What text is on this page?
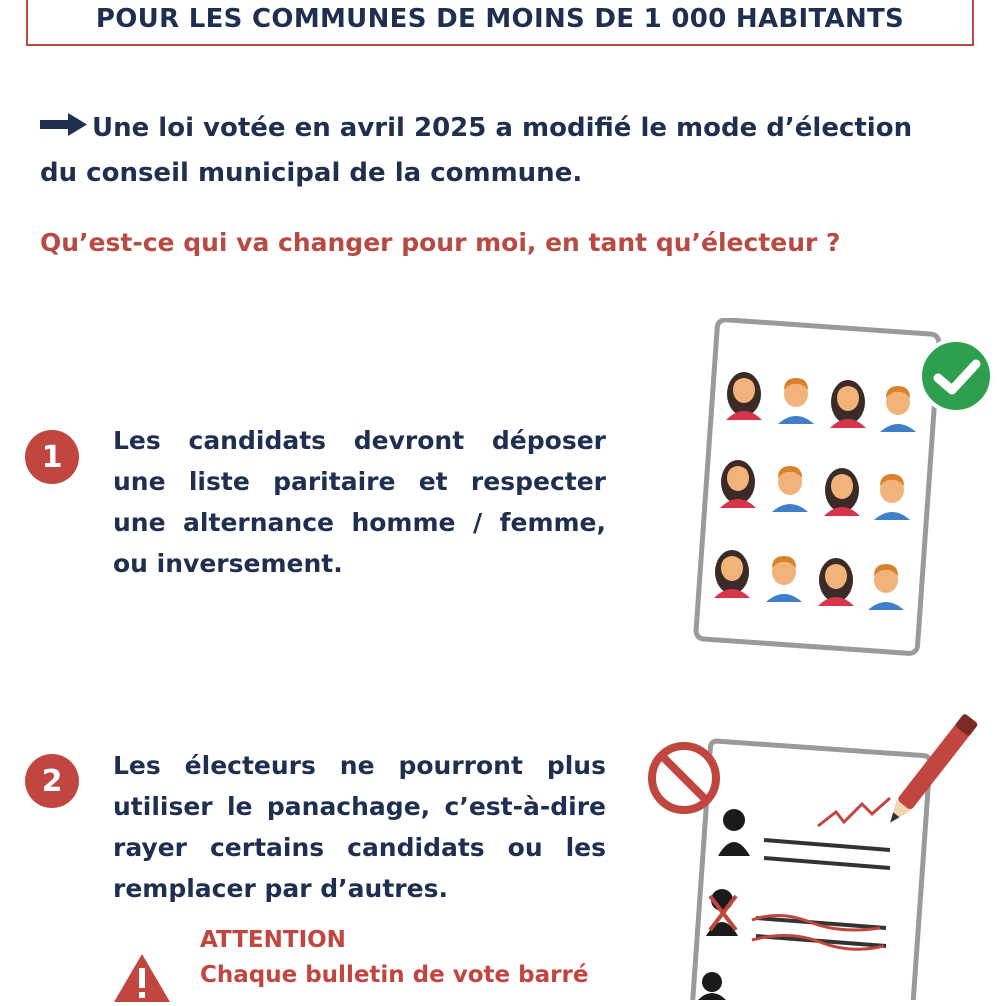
POUR LES COMMUNES DE MOINS DE 1 000 HABITANTS
Une loi votée en avril 2025 a modifié le mode d’élection
du conseil municipal de la commune.
Qu’est-ce qui va changer pour moi, en tant qu’électeur ?
1	Les candidats devront déposer une liste paritaire et respecter une alternance homme / femme, ou inversement.
2	Les électeurs ne pourront plus utiliser le panachage, c’est-à-dire rayer certains candidats ou les remplacer par d’autres.
ATTENTION
Chaque bulletin de vote barré
